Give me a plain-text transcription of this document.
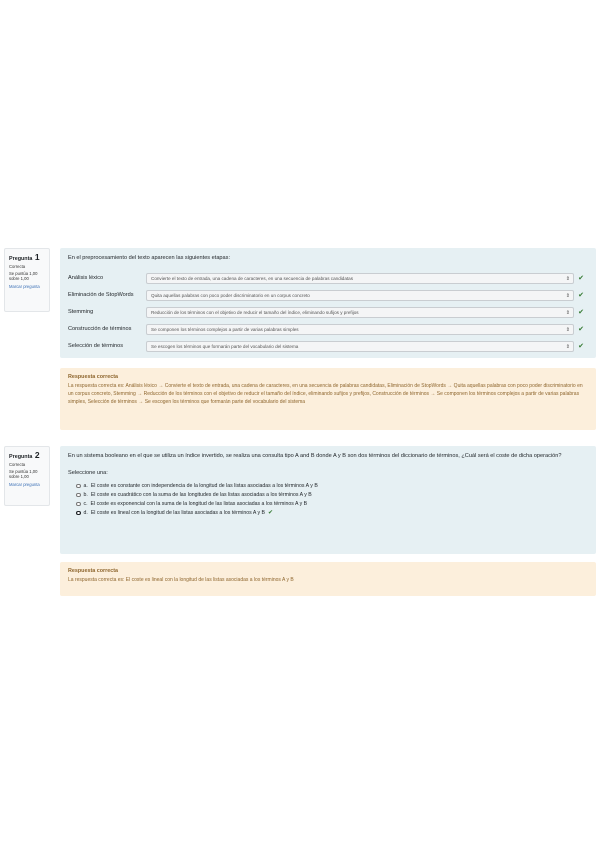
Pregunta 1
Correcta
Se puntúa 1,00 sobre 1,00
Marcar pregunta
En el preprocesamiento del texto aparecen las siguientes etapas:
Análisis léxico	Convierte el texto de entrada, una cadena de caracteres, en una secuencia de palabras candidatas	⇕	✔
Eliminación de StopWords	Quita aquellas palabras con poco poder discriminatorio en un corpus concreto	⇕	✔
Stemming	Reducción de los términos con el objetivo de reducir el tamaño del índice, eliminando sufijos y prefijos	⇕	✔
Construcción de términos	Se componen los términos complejos a partir de varias palabras simples	⇕	✔
Selección de términos	Se escogen los términos que formarán parte del vocabulario del sistema	⇕	✔
Respuesta correcta
La respuesta correcta es: Análisis léxico → Convierte el texto de entrada, una cadena de caracteres, en una secuencia de palabras candidatas, Eliminación de StopWords → Quita aquellas palabras con poco poder discriminatorio en un corpus concreto, Stemming → Reducción de los términos con el objetivo de reducir el tamaño del índice, eliminando sufijos y prefijos, Construcción de términos → Se componen los términos complejos a partir de varias palabras simples, Selección de términos → Se escogen los términos que formarán parte del vocabulario del sistema
Pregunta 2
Correcta
Se puntúa 1,00 sobre 1,00
Marcar pregunta
En un sistema booleano en el que se utiliza un índice invertido, se realiza una consulta tipo A and B donde A y B son dos términos del diccionario de términos, ¿Cuál será el coste de dicha operación?
Seleccione una:
a. El coste es constante con independencia de la longitud de las listas asociadas a los términos A y B
b. El coste es cuadrático con la suma de las longitudes de las listas asociadas a los términos A y B
c. El coste es exponencial con la suma de la longitud de las listas asociadas a los términos A y B
d. El coste es lineal con la longitud de las listas asociadas a los términos A y B ✔
Respuesta correcta
La respuesta correcta es: El coste es lineal con la longitud de las listas asociadas a los términos A y B
